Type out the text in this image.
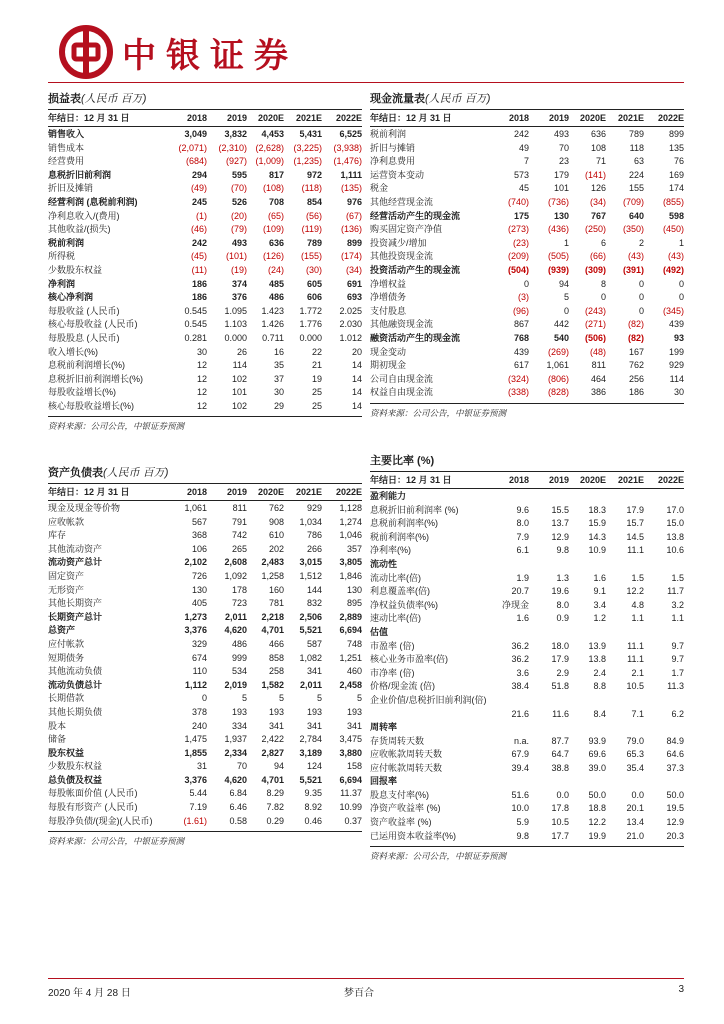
中银证券
损益表(人民币 百万)
年结日：12 月 31 日	2018	2019	2020E	2021E	2022E
销售收入	3,049	3,832	4,453	5,431	6,525
销售成本	(2,071)	(2,310) (2,628)	(3,225)	(3,938)
经营费用	(684)	(927) (1,009)	(1,235)	(1,476)
息税折旧前利润	294	595	817	972	1,111
折旧及摊销	(49)	(70)	(108)	(118)	(135)
经营利润 (息税前利润)	245	526	708	854	976
净利息收入/(费用)	(1)	(20)	(65)	(56)	(67)
其他收益/(损失)	(46)	(79)	(109)	(119)	(136)
税前利润	242	493	636	789	899
所得税	(45)	(101)	(126)	(155)	(174)
少数股东权益	(11)	(19)	(24)	(30)	(34)
净利润	186	374	485	605	691
核心净利润	186	376	486	606	693
每股收益 (人民币)	0.545	1.095	1.423	1.772	2.025
核心每股收益 (人民币)	0.545	1.103	1.426	1.776	2.030
每股股息 (人民币)	0.281	0.000	0.711	0.000	1.012
收入增长(%)	30	26	16	22	20
息税前利润增长(%)	12	114	35	21	14
息税折旧前利润增长(%)	12	102	37	19	14
每股收益增长(%)	12	101	30	25	14
核心每股收益增长(%)	12	102	29	25	14
资料来源：公司公告，中银证券预测
现金流量表(人民币 百万)
年结日：12 月 31 日	2018	2019	2020E	2021E	2022E
税前利润	242	493	636	789	899
折旧与摊销	49	70	108	118	135
净利息费用	7	23	71	63	76
运营资本变动	573	179	(141)	224	169
税金	45	101	126	155	174
其他经营现金流	(740)	(736)	(34)	(709)	(855)
经营活动产生的现金流	175	130	767	640	598
购买固定资产净值	(273)	(436)	(250)	(350)	(450)
投资减少/增加	(23)	1	6	2	1
其他投资现金流	(209)	(505)	(66)	(43)	(43)
投资活动产生的现金流	(504)	(939)	(309)	(391)	(492)
净增权益	0	94	8	0	0
净增债务	(3)	5	0	0	0
支付股息	(96)	0	(243)	0	(345)
其他融资现金流	867	442	(271)	(82)	439
融资活动产生的现金流	768	540	(506)	(82)	93
现金变动	439	(269)	(48)	167	199
期初现金	617	1,061	811	762	929
公司自由现金流	(324)	(806)	464	256	114
权益自由现金流	(338)	(828)	386	186	30
资料来源：公司公告，中银证券预测
资产负债表(人民币 百万)
年结日：12 月 31 日	2018	2019	2020E	2021E	2022E
现金及现金等价物	1,061	811	762	929	1,128
应收帐款	567	791	908	1,034	1,274
库存	368	742	610	786	1,046
其他流动资产	106	265	202	266	357
流动资产总计	2,102	2,608	2,483	3,015	3,805
固定资产	726	1,092	1,258	1,512	1,846
无形资产	130	178	160	144	130
其他长期资产	405	723	781	832	895
长期资产总计	1,273	2,011	2,218	2,506	2,889
总资产	3,376	4,620	4,701	5,521	6,694
应付帐款	329	486	466	587	748
短期债务	674	999	858	1,082	1,251
其他流动负债	110	534	258	341	460
流动负债总计	1,112	2,019	1,582	2,011	2,458
长期借款	0	5	5	5	5
其他长期负债	378	193	193	193	193
股本	240	334	341	341	341
储备	1,475	1,937	2,422	2,784	3,475
股东权益	1,855	2,334	2,827	3,189	3,880
少数股东权益	31	70	94	124	158
总负债及权益	3,376	4,620	4,701	5,521	6,694
每股帐面价值 (人民币)	5.44	6.84	8.29	9.35	11.37
每股有形资产 (人民币)	7.19	6.46	7.82	8.92	10.99
每股净负债/(现金)(人民币)	(1.61)	0.58	0.29	0.46	0.37
资料来源：公司公告，中银证券预测
主要比率 (%)
年结日：12 月 31 日	2018	2019	2020E	2021E	2022E
盈利能力
息税折旧前利润率 (%)	9.6	15.5	18.3	17.9	17.0
息税前利润率(%)	8.0	13.7	15.9	15.7	15.0
税前利润率(%)	7.9	12.9	14.3	14.5	13.8
净利率(%)	6.1	9.8	10.9	11.1	10.6
流动性
流动比率(倍)	1.9	1.3	1.6	1.5	1.5
利息覆盖率(倍)	20.7	19.6	9.1	12.2	11.7
净权益负债率(%)	净现金	8.0	3.4	4.8	3.2
速动比率(倍)	1.6	0.9	1.2	1.1	1.1
估值
市盈率 (倍)	36.2	18.0	13.9	11.1	9.7
核心业务市盈率(倍)	36.2	17.9	13.8	11.1	9.7
市净率 (倍)	3.6	2.9	2.4	2.1	1.7
价格/现金流 (倍)	38.4	51.8	8.8	10.5	11.3
企业价值/息税折旧前利润(倍)
21.6	11.6	8.4	7.1	6.2
周转率
存货周转天数	n.a.	87.7	93.9	79.0	84.9
应收帐款周转天数	67.9	64.7	69.6	65.3	64.6
应付帐款周转天数	39.4	38.8	39.0	35.4	37.3
回报率
股息支付率(%)	51.6	0.0	50.0	0.0	50.0
净资产收益率 (%)	10.0	17.8	18.8	20.1	19.5
资产收益率 (%)	5.9	10.5	12.2	13.4	12.9
已运用资本收益率(%)	9.8	17.7	19.9	21.0	20.3
资料来源：公司公告，中银证券预测
2020 年 4 月 28 日	梦百合	3
